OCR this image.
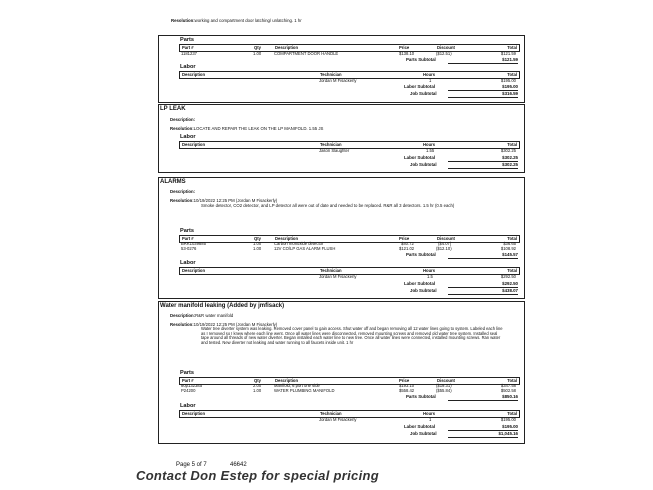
Resolution:working and compartment door latching/ unlatching. 1 hr
Parts
Part #	Qty	Description	Price	Discount	Total
1181237	1.00	COMPARTMENT DOOR HANDLE	$138.10	($12.51)	$121.59
Parts Subtotal	$121.59
Labor
Description	Technician	Hours	Total
Jordan M Fisackerly	1	$195.00
Labor Subtotal	$195.00
Job Subtotal	$316.59
LP LEAK
Description:
Resolution:LOCATE AND REPAIR THE LEAK ON THE LP MANIFOLD. 1.55 JS
Labor
Description	Technician	Hours	Total
Jason Slaughter	1.55	$302.25
Labor Subtotal	$302.25
Job Subtotal	$302.25
ALARMS
Description:
Resolution:10/19/2022 12:25 PM (Jordan M Fisackerly)
Smoke detector, CO2 detector, and LP detector all were out of date and needed to be replaced. R&R all 3 detectors. 1.5 hr (0.5 each)
Parts
Part #	Qty	Description	Price	Discount	Total
BRK1039885	1.00	Carbon monoxide detector	$40.72	($4.07)	$36.65
53-0276	1.00	12V CO/LP GAS ALARM FLUSH	$121.02	($12.10)	$108.92
Parts Subtotal	$145.57
Labor
Description	Technician	Hours	Total
Jordan M Fisackerly	1.5	$292.50
Labor Subtotal	$292.50
Job Subtotal	$438.07
Water manifold leaking (Added by jmfisack)
Description:R&R water manifold
Resolution:10/19/2022 12:25 PM (Jordan M Fisackerly)
Water tree diverter system was leaking. Removed cover panel to gain access. Shut water off and began removing all 12 water lines going to system. Labeled each line as I removed so I knew where each line went. Once all water lines were disconnected, removed mounting screws and removed old water tree system. Installed seal tape around all threads of new water diverter. Began installed each water line to new tree. Once all water lines were connected, installed mounting screws. Ran water and tested. New diverter not leaking and water running to all faucets inside unit. 1 hr
Parts
Part #	Qty	Description	Price	Discount	Total
80p13238a	2.00	Manifold, 6 port one side	$193.10	($19.31)	$347.58
P24200	1.00	WATER PLUMBING MANIFOLD	$558.42	($55.84)	$502.58
Parts Subtotal	$850.16
Labor
Description	Technician	Hours	Total
Jordan M Fisackerly	1	$195.00
Labor Subtotal	$195.00
Job Subtotal	$1,045.16
Page 5 of 7	46642
Contact Don Estep for special pricing
